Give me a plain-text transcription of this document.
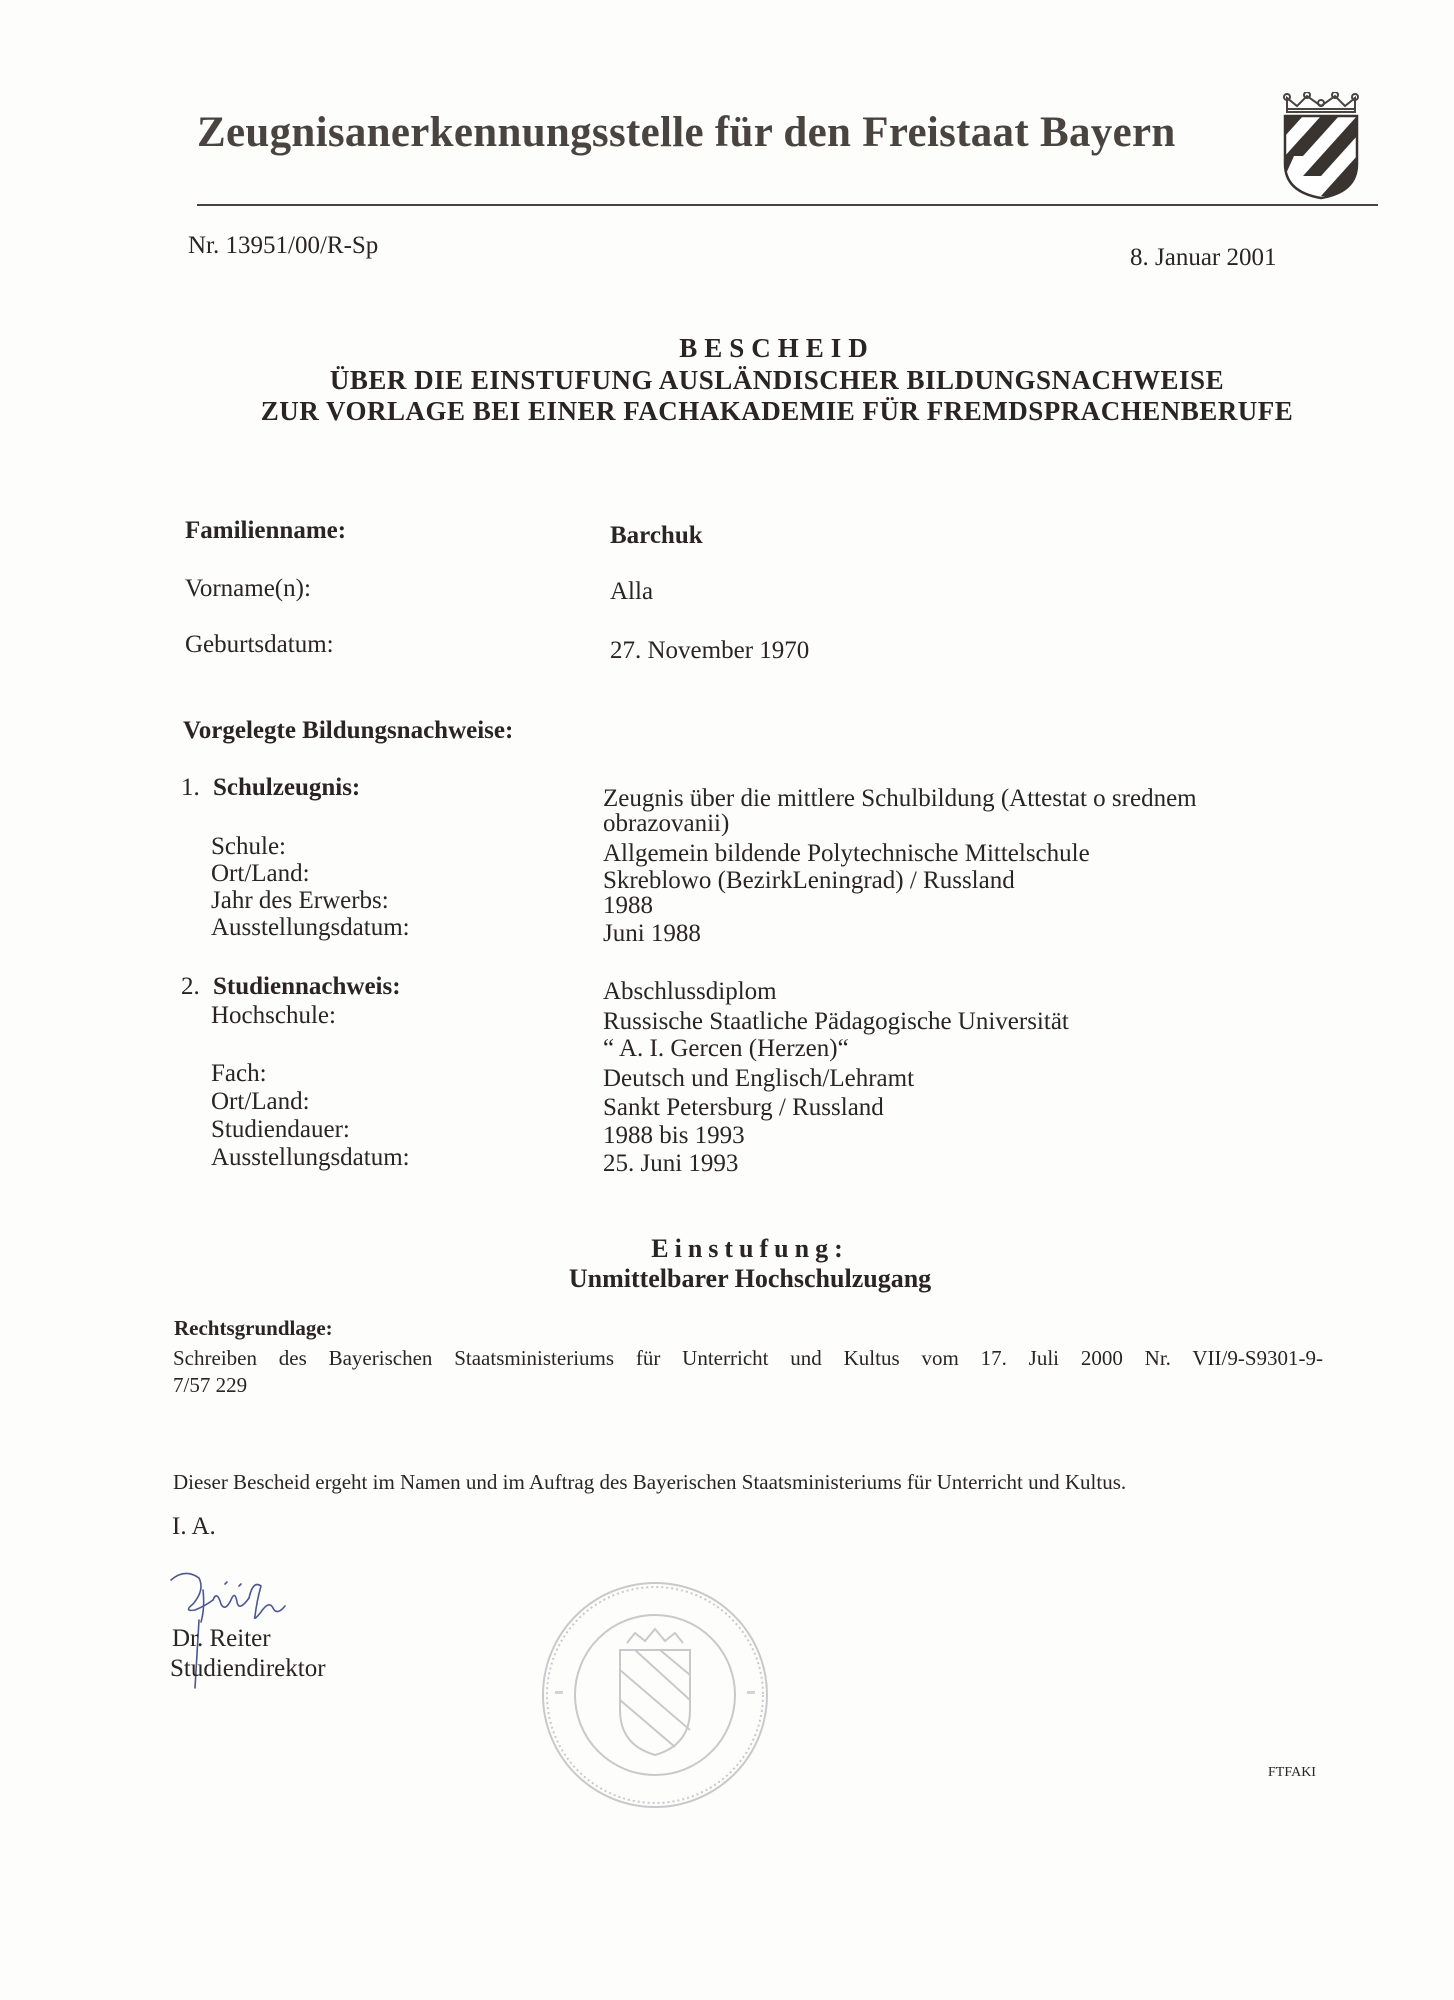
Zeugnisanerkennungsstelle für den Freistaat Bayern
Nr. 13951/00/R-Sp	8. Januar 2001
BESCHEID
ÜBER DIE EINSTUFUNG AUSLÄNDISCHER BILDUNGSNACHWEISE
ZUR VORLAGE BEI EINER FACHAKADEMIE FÜR FREMDSPRACHENBERUFE
Familienname:	Barchuk
Vorname(n):	Alla
Geburtsdatum:	27. November 1970
Vorgelegte Bildungsnachweise:
1. Schulzeugnis:	Zeugnis über die mittlere Schulbildung (Attestat o srednem
obrazovanii)
Schule:	Allgemein bildende Polytechnische Mittelschule
Ort/Land:	Skreblowo (BezirkLeningrad) / Russland
Jahr des Erwerbs:	1988
Ausstellungsdatum:	Juni 1988
2. Studiennachweis:	Abschlussdiplom
Hochschule:	Russische Staatliche Pädagogische Universität
“ A. I. Gercen (Herzen)“
Fach:	Deutsch und Englisch/Lehramt
Ort/Land:	Sankt Petersburg / Russland
Studiendauer:	1988 bis 1993
Ausstellungsdatum:	25. Juni 1993
Einstufung:
Unmittelbarer Hochschulzugang
Rechtsgrundlage:
Schreiben des Bayerischen Staatsministeriums für Unterricht und Kultus vom 17. Juli 2000 Nr. VII/9-S9301-9-
7/57 229
Dieser Bescheid ergeht im Namen und im Auftrag des Bayerischen Staatsministeriums für Unterricht und Kultus.
I. A.
Dr. Reiter
Studiendirektor
FTFAKI
